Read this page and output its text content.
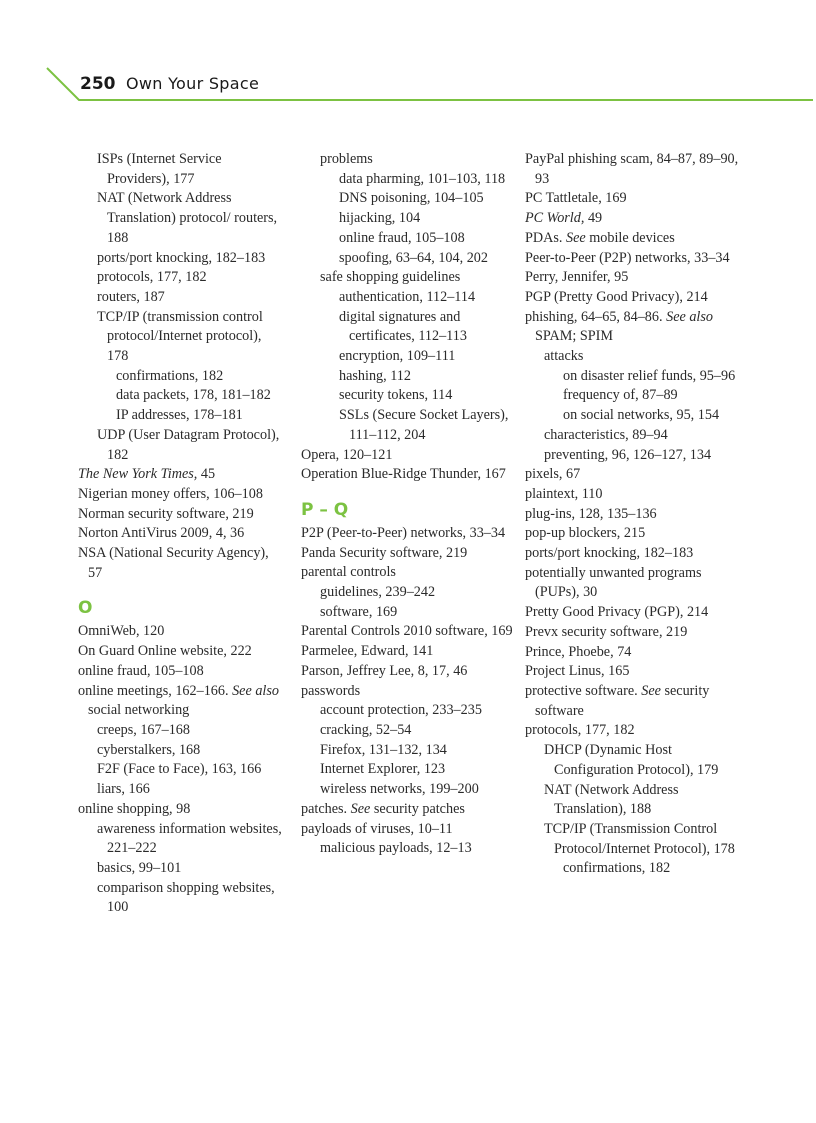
250 Own Your Space
ISPs (Internet Service Providers), 177
NAT (Network Address Translation) protocol/ routers, 188
ports/port knocking, 182–183
protocols, 177, 182
routers, 187
TCP/IP (transmission control protocol/Internet protocol), 178
confirmations, 182
data packets, 178, 181–182
IP addresses, 178–181
UDP (User Datagram Protocol), 182
The New York Times, 45
Nigerian money offers, 106–108
Norman security software, 219
Norton AntiVirus 2009, 4, 36
NSA (National Security Agency), 57
O
OmniWeb, 120
On Guard Online website, 222
online fraud, 105–108
online meetings, 162–166. See also social networking
creeps, 167–168
cyberstalkers, 168
F2F (Face to Face), 163, 166
liars, 166
online shopping, 98
awareness information websites, 221–222
basics, 99–101
comparison shopping websites, 100
problems
data pharming, 101–103, 118
DNS poisoning, 104–105
hijacking, 104
online fraud, 105–108
spoofing, 63–64, 104, 202
safe shopping guidelines
authentication, 112–114
digital signatures and certificates, 112–113
encryption, 109–111
hashing, 112
security tokens, 114
SSLs (Secure Socket Layers), 111–112, 204
Opera, 120–121
Operation Blue-Ridge Thunder, 167
P – Q
P2P (Peer-to-Peer) networks, 33–34
Panda Security software, 219
parental controls
guidelines, 239–242
software, 169
Parental Controls 2010 software, 169
Parmelee, Edward, 141
Parson, Jeffrey Lee, 8, 17, 46
passwords
account protection, 233–235
cracking, 52–54
Firefox, 131–132, 134
Internet Explorer, 123
wireless networks, 199–200
patches. See security patches
payloads of viruses, 10–11
malicious payloads, 12–13
PayPal phishing scam, 84–87, 89–90, 93
PC Tattletale, 169
PC World, 49
PDAs. See mobile devices
Peer-to-Peer (P2P) networks, 33–34
Perry, Jennifer, 95
PGP (Pretty Good Privacy), 214
phishing, 64–65, 84–86. See also SPAM; SPIM
attacks
on disaster relief funds, 95–96
frequency of, 87–89
on social networks, 95, 154
characteristics, 89–94
preventing, 96, 126–127, 134
pixels, 67
plaintext, 110
plug-ins, 128, 135–136
pop-up blockers, 215
ports/port knocking, 182–183
potentially unwanted programs (PUPs), 30
Pretty Good Privacy (PGP), 214
Prevx security software, 219
Prince, Phoebe, 74
Project Linus, 165
protective software. See security software
protocols, 177, 182
DHCP (Dynamic Host Configuration Protocol), 179
NAT (Network Address Translation), 188
TCP/IP (Transmission Control Protocol/Internet Protocol), 178
confirmations, 182
